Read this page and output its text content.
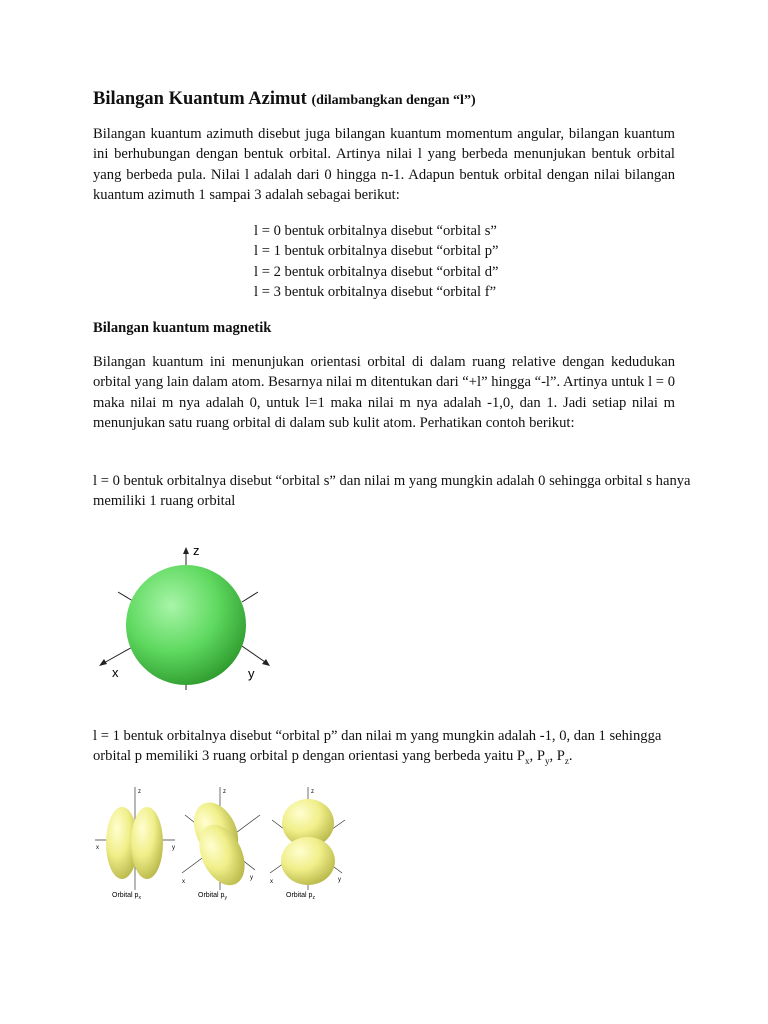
Bilangan Kuantum Azimut (dilambangkan dengan “l”)
Bilangan kuantum azimuth disebut juga bilangan kuantum momentum angular, bilangan kuantum ini berhubungan dengan bentuk orbital. Artinya nilai l yang berbeda menunjukan bentuk orbital yang berbeda pula. Nilai l adalah dari 0 hingga n-1. Adapun bentuk orbital dengan nilai bilangan kuantum azimuth 1 sampai 3 adalah sebagai berikut:
l = 0 bentuk orbitalnya disebut “orbital s”
l = 1 bentuk orbitalnya disebut “orbital p”
l = 2 bentuk orbitalnya disebut “orbital d”
l = 3 bentuk orbitalnya disebut “orbital f”
Bilangan kuantum magnetik
Bilangan kuantum ini menunjukan orientasi orbital di dalam ruang relative dengan kedudukan orbital yang lain dalam atom. Besarnya nilai m ditentukan dari “+l” hingga “-l”. Artinya untuk l = 0 maka nilai m nya adalah 0, untuk l=1 maka nilai m nya adalah -1,0, dan 1. Jadi setiap nilai m menunjukan satu ruang orbital di dalam sub kulit atom. Perhatikan contoh berikut:
l = 0 bentuk orbitalnya disebut “orbital s” dan nilai m yang mungkin adalah 0 sehingga orbital s hanya memiliki 1 ruang orbital
z
x	y
l = 1 bentuk orbitalnya disebut “orbital p” dan nilai m yang mungkin adalah -1, 0, dan 1 sehingga orbital p memiliki 3 ruang orbital p dengan orientasi yang berbeda yaitu $P_x$, $P_y$, $P_z$.
z
x	y
z
x
y
z
x	y
Orbital $p_x$	Orbital $p_y$	Orbital $p_z$
